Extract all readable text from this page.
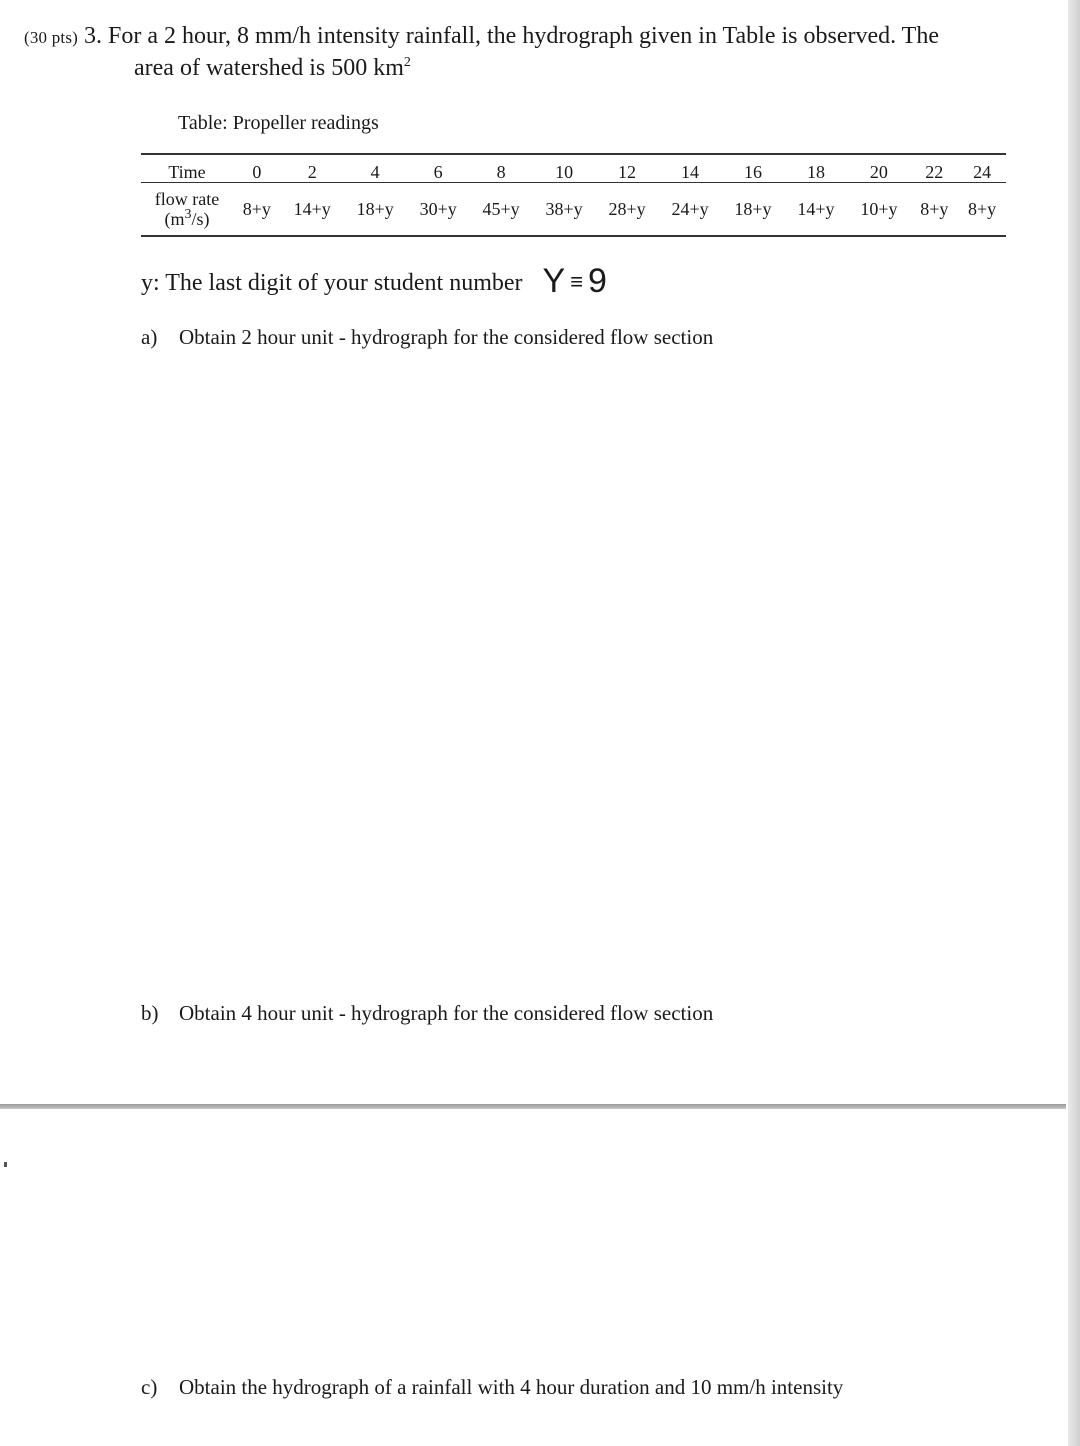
(30 pts) 3. For a 2 hour, 8 mm/h intensity rainfall, the hydrograph given in Table is observed. The
area of watershed is 500 $km^2$
Table: Propeller readings
Time	0	2	4	6	8	10	12	14	16	18	20	22	24

flow rate
$(m^3/s)$	8+y	14+y	18+y	30+y	45+y	38+y	28+y	24+y	18+y	14+y	10+y	8+y	8+y
y: The last digit of your student number Y ≡ 9
a) Obtain 2 hour unit - hydrograph for the considered flow section
b) Obtain 4 hour unit - hydrograph for the considered flow section
c) Obtain the hydrograph of a rainfall with 4 hour duration and 10 mm/h intensity
